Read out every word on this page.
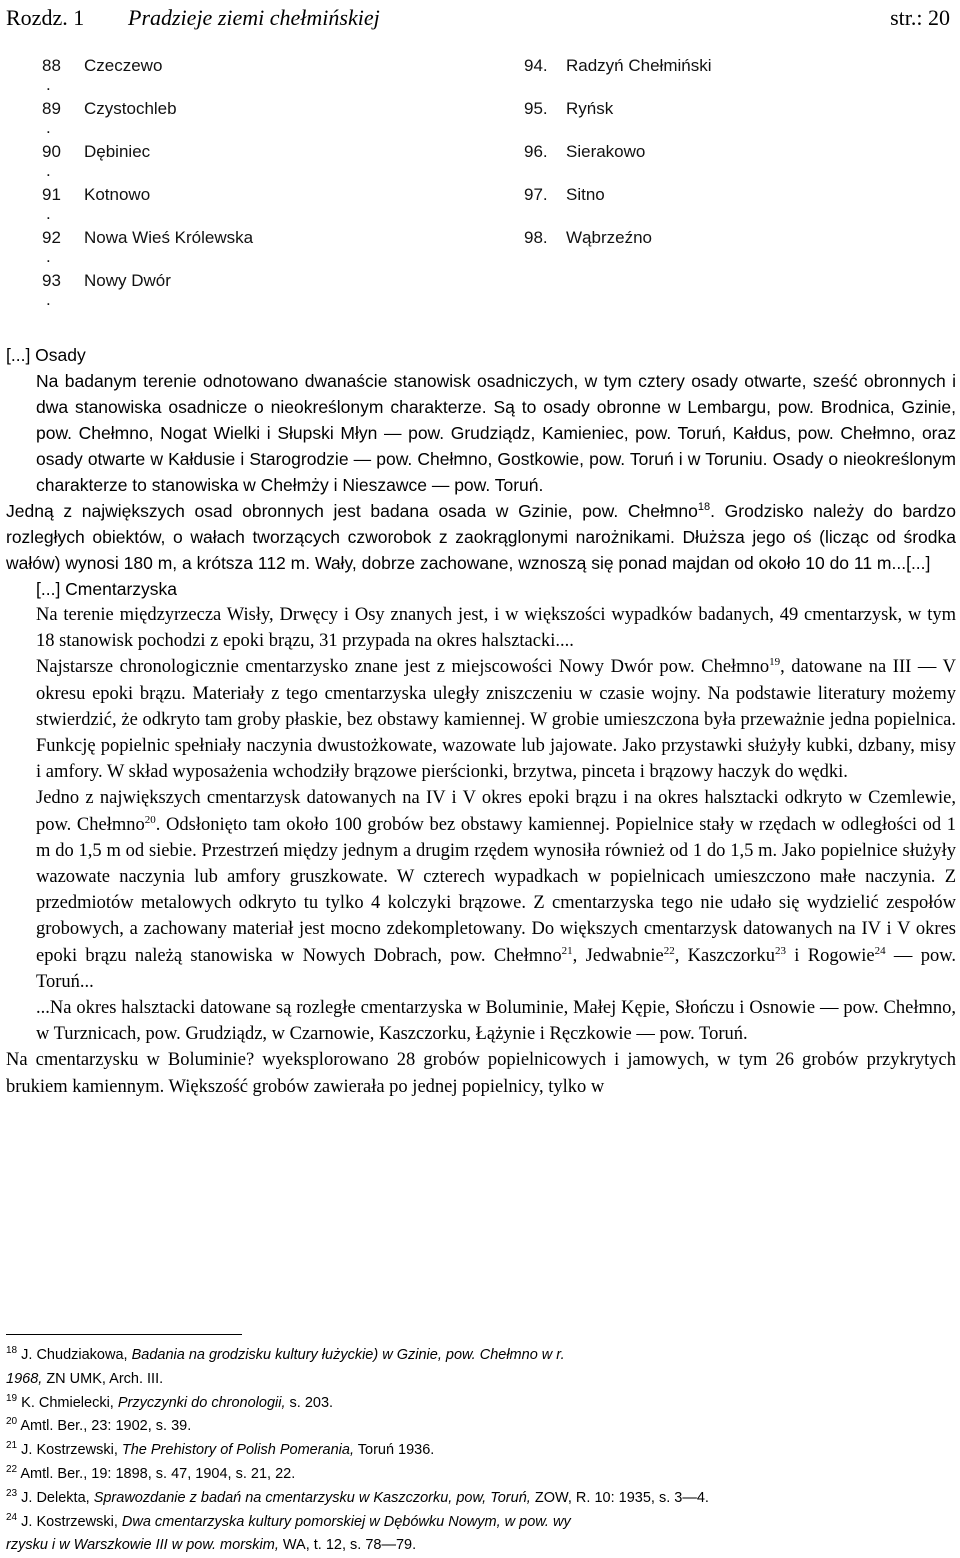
Rozdz. 1 Pradzieje ziemi chełmińskiej	str.: 20
88
.
Czeczewo
89
.
Czystochleb
90
.
Dębiniec
91
.
Kotnowo
92
.
Nowa Wieś Królewska
93
.
Nowy Dwór
94. Radzyń Chełmiński
95. Ryńsk
96. Sierakowo
97. Sitno
98. Wąbrzeźno

[...] Osady

Na badanym terenie odnotowano dwanaście stanowisk osadniczych, w tym cztery osady otwarte, sześć obronnych i dwa stanowiska osadnicze o nieokreślonym charakterze. Są to osady obronne w Lembargu, pow. Brodnica, Gzinie, pow. Chełmno, Nogat Wielki i Słupski Młyn — pow. Grudziądz, Kamieniec, pow. Toruń, Kałdus, pow. Chełmno, oraz osady otwarte w Kałdusie i Starogrodzie — pow. Chełmno, Gostkowie, pow. Toruń i w Toruniu. Osady o nieokreślonym charakterze to stanowiska w Chełmży i Nieszawce — pow. Toruń.

Jedną z największych osad obronnych jest badana osada w Gzinie, pow. Chełmno$^{18}$. Grodzisko należy do bardzo rozległych obiektów, o wałach tworzących czworobok z zaokrąglonymi narożnikami. Dłuższa jego oś (licząc od środka wałów) wynosi 180 m, a krótsza 112 m. Wały, dobrze zachowane, wznoszą się ponad majdan od około 10 do 11 m...[...]

[...] Cmentarzyska

Na terenie międzyrzecza Wisły, Drwęcy i Osy znanych jest, i w większości wypadków badanych, 49 cmentarzysk, w tym 18 stanowisk pochodzi z epoki brązu, 31 przypada na okres halsztacki....

Najstarsze chronologicznie cmentarzysko znane jest z miejscowości Nowy Dwór pow. Chełmno$^{19}$, datowane na III — V okresu epoki brązu. Materiały z tego cmentarzyska uległy zniszczeniu w czasie wojny. Na podstawie literatury możemy stwierdzić, że odkryto tam groby płaskie, bez obstawy kamiennej. W grobie umieszczona była przeważnie jedna popielnica. Funkcję popielnic spełniały naczynia dwustożkowate, wazowate lub jajowate. Jako przystawki służyły kubki, dzbany, misy i amfory. W skład wyposażenia wchodziły brązowe pierścionki, brzytwa, pinceta i brązowy haczyk do wędki.

Jedno z największych cmentarzysk datowanych na IV i V okres epoki brązu i na okres halsztacki odkryto w Czemlewie, pow. Chełmno$^{20}$. Odsłonięto tam około 100 grobów bez obstawy kamiennej. Popielnice stały w rzędach w odległości od 1 m do 1,5 m od siebie. Przestrzeń między jednym a drugim rzędem wynosiła również od 1 do 1,5 m. Jako popielnice służyły wazowate naczynia lub amfory gruszkowate. W czterech wypadkach w popielnicach umieszczono małe naczynia. Z przedmiotów metalowych odkryto tu tylko 4 kolczyki brązowe. Z cmentarzyska tego nie udało się wydzielić zespołów grobowych, a zachowany materiał jest mocno zdekompletowany. Do większych cmentarzysk datowanych na IV i V okres epoki brązu należą stanowiska w Nowych Dobrach, pow. Chełmno$^{21}$, Jedwabnie$^{22}$, Kaszczorku$^{23}$ i Rogowie$^{24}$ — pow. Toruń...

...Na okres halsztacki datowane są rozległe cmentarzyska w Boluminie, Małej Kępie, Słończu i Osnowie — pow. Chełmno, w Turznicach, pow. Grudziądz, w Czarnowie, Kaszczorku, Łążynie i Ręczkowie — pow. Toruń.

Na cmentarzysku w Boluminie? wyeksplorowano 28 grobów popielnicowych i jamowych, w tym 26 grobów przykrytych brukiem kamiennym. Większość grobów zawierała po jednej popielnicy, tylko w

$^{18}$ J. Chudziakowa, Badania na grodzisku kultury łużyckie) w Gzinie, pow. Chełmno w r.
1968, ZN UMK, Arch. III.
$^{19}$ K. Chmielecki, Przyczynki do chronologii, s. 203.
$^{20}$ Amtl. Ber., 23: 1902, s. 39.
$^{21}$ J. Kostrzewski, The Prehistory of Polish Pomerania, Toruń 1936.
$^{22}$ Amtl. Ber., 19: 1898, s. 47, 1904, s. 21, 22.
$^{23}$ J. Delekta, Sprawozdanie z badań na cmentarzysku w Kaszczorku, pow, Toruń, ZOW, R. 10: 1935, s. 3—4.
$^{24}$ J. Kostrzewski, Dwa cmentarzyska kultury pomorskiej w Dębówku Nowym, w pow. wy
rzysku i w Warszkowie III w pow. morskim, WA, t. 12, s. 78—79.
